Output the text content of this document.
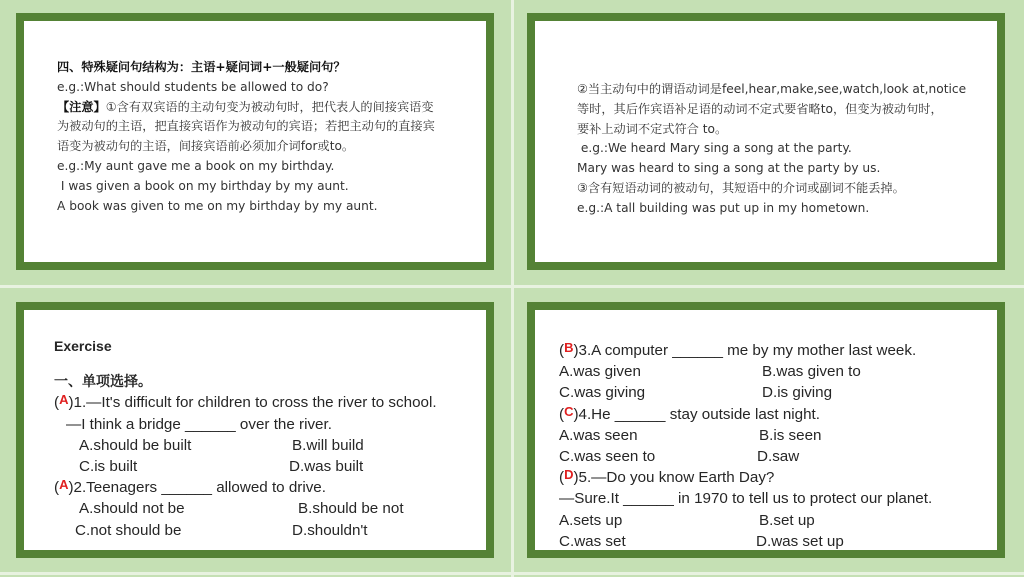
四、特殊疑问句结构为：主语+疑问词+一般疑问句？

e.g.:What should students be allowed to do?

【注意】①含有双宾语的主动句变为被动句时，把代表人的间接宾语变

为被动句的主语，把直接宾语作为被动句的宾语；若把主动句的直接宾

语变为被动句的主语，间接宾语前必须加介词for或to。

e.g.:My aunt gave me a book on my birthday.

I was given a book on my birthday by my aunt.

A book was given to me on my birthday by my aunt.

②当主动句中的谓语动词是feel,hear,make,see,watch,look at,notice

等时，其后作宾语补足语的动词不定式要省略to，但变为被动句时，

要补上动词不定式符合 to。

e.g.:We heard Mary sing a song at the party.

Mary was heard to sing a song at the party by us.

③含有短语动词的被动句，其短语中的介词或副词不能丢掉。

e.g.:A tall building was put up in my hometown.

Exercise

一、单项选择。

(A)1.—It's difficult for children to cross the river to school.

—I think a bridge ______ over the river.

A.should be built	B.will build

C.is built	D.was built

(A)2.Teenagers ______ allowed to drive.

A.should not be	B.should be not

C.not should be	D.shouldn't

(B)3.A computer ______ me by my mother last week.

A.was given	B.was given to

C.was giving	D.is giving

(C)4.He ______ stay outside last night.

A.was seen	B.is seen

C.was seen to	D.saw

(D)5.—Do you know Earth Day?

—Sure.It ______ in 1970 to tell us to protect our planet.

A.sets up	B.set up

C.was set	D.was set up
